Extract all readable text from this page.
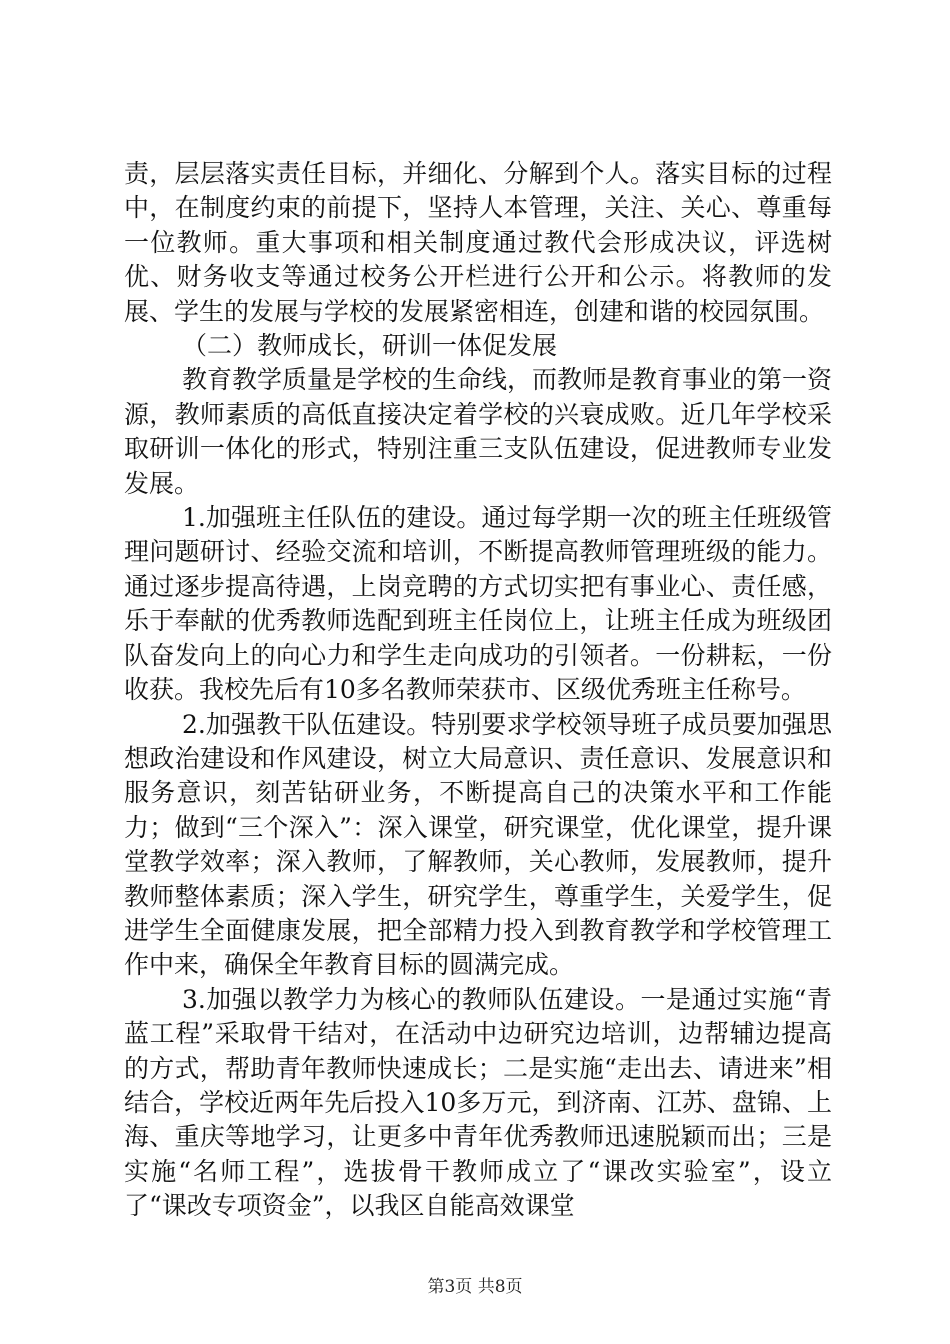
责，层层落实责任目标，并细化、分解到个人。落实目标的过程中，在制度约束的前提下，坚持人本管理，关注、关心、尊重每一位教师。重大事项和相关制度通过教代会形成决议，评选树优、财务收支等通过校务公开栏进行公开和公示。将教师的发展、学生的发展与学校的发展紧密相连，创建和谐的校园氛围。

（二）教师成长，研训一体促发展

教育教学质量是学校的生命线，而教师是教育事业的第一资源，教师素质的高低直接决定着学校的兴衰成败。近几年学校采取研训一体化的形式，特别注重三支队伍建设，促进教师专业发发展。

1.加强班主任队伍的建设。通过每学期一次的班主任班级管理问题研讨、经验交流和培训，不断提高教师管理班级的能力。通过逐步提高待遇，上岗竞聘的方式切实把有事业心、责任感，乐于奉献的优秀教师选配到班主任岗位上，让班主任成为班级团队奋发向上的向心力和学生走向成功的引领者。一份耕耘，一份收获。我校先后有10多名教师荣获市、区级优秀班主任称号。

2.加强教干队伍建设。特别要求学校领导班子成员要加强思想政治建设和作风建设，树立大局意识、责任意识、发展意识和服务意识，刻苦钻研业务，不断提高自己的决策水平和工作能力；做到“三个深入”：深入课堂，研究课堂，优化课堂，提升课堂教学效率；深入教师，了解教师，关心教师，发展教师，提升教师整体素质；深入学生，研究学生，尊重学生，关爱学生，促进学生全面健康发展，把全部精力投入到教育教学和学校管理工作中来，确保全年教育目标的圆满完成。

3.加强以教学力为核心的教师队伍建设。一是通过实施“青蓝工程”采取骨干结对，在活动中边研究边培训，边帮辅边提高的方式，帮助青年教师快速成长；二是实施“走出去、请进来”相结合，学校近两年先后投入10多万元，到济南、江苏、盘锦、上海、重庆等地学习，让更多中青年优秀教师迅速脱颖而出；三是实施“名师工程”，选拔骨干教师成立了“课改实验室”，设立了“课改专项资金”，以我区自能高效课堂

第3页 共8页
